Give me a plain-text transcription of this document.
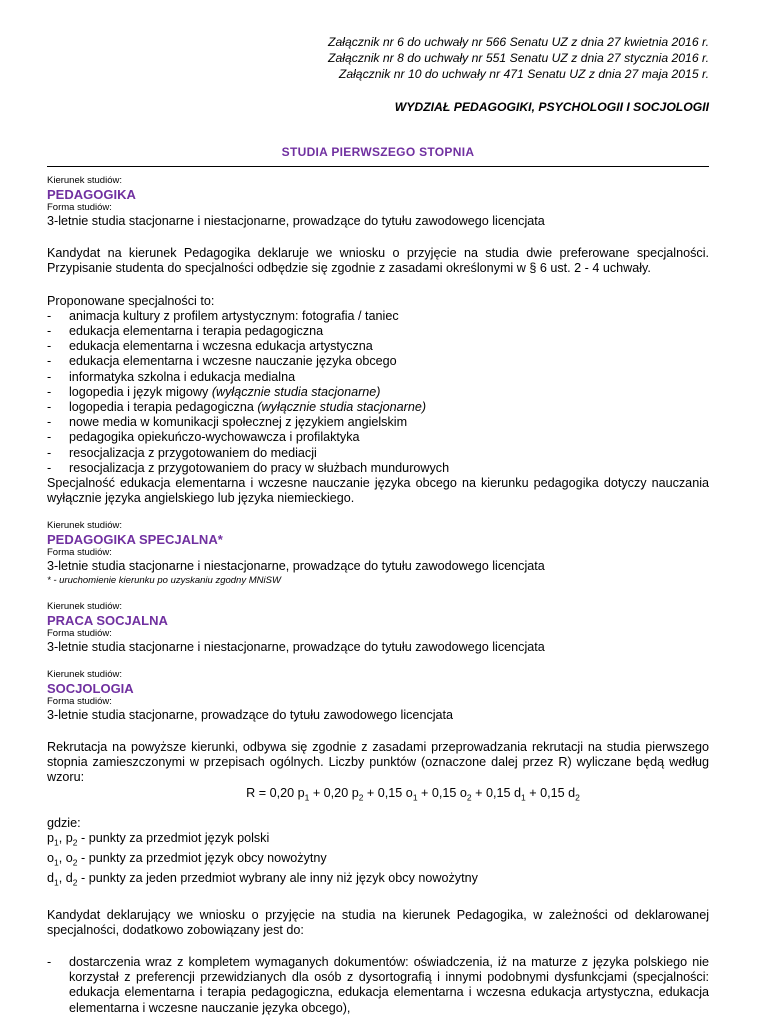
Załącznik nr 6 do uchwały nr 566 Senatu UZ z dnia 27 kwietnia 2016 r.
Załącznik nr 8 do uchwały nr 551 Senatu UZ z dnia 27 stycznia 2016 r.
Załącznik nr 10 do uchwały nr 471 Senatu UZ z dnia 27 maja 2015 r.
WYDZIAŁ PEDAGOGIKI, PSYCHOLOGII I SOCJOLOGII
STUDIA PIERWSZEGO STOPNIA
Kierunek studiów:
PEDAGOGIKA
Forma studiów:
3-letnie studia stacjonarne i niestacjonarne, prowadzące do tytułu zawodowego licencjata
Kandydat na kierunek Pedagogika deklaruje we wniosku o przyjęcie na studia dwie preferowane specjalności. Przypisanie studenta do specjalności odbędzie się zgodnie z zasadami określonymi w § 6 ust. 2 - 4 uchwały.
Proponowane specjalności to:
- animacja kultury z profilem artystycznym: fotografia / taniec
- edukacja elementarna i terapia pedagogiczna
- edukacja elementarna i wczesna edukacja artystyczna
- edukacja elementarna i wczesne nauczanie języka obcego
- informatyka szkolna i edukacja medialna
- logopedia i język migowy (wyłącznie studia stacjonarne)
- logopedia i terapia pedagogiczna (wyłącznie studia stacjonarne)
- nowe media w komunikacji społecznej z językiem angielskim
- pedagogika opiekuńczo-wychowawcza i profilaktyka
- resocjalizacja z przygotowaniem do mediacji
- resocjalizacja z przygotowaniem do pracy w służbach mundurowych
Specjalność edukacja elementarna i wczesne nauczanie języka obcego na kierunku pedagogika dotyczy nauczania wyłącznie języka angielskiego lub języka niemieckiego.
Kierunek studiów:
PEDAGOGIKA SPECJALNA*
Forma studiów:
3-letnie studia stacjonarne i niestacjonarne, prowadzące do tytułu zawodowego licencjata
* - uruchomienie kierunku po uzyskaniu zgodny MNiSW
Kierunek studiów:
PRACA SOCJALNA
Forma studiów:
3-letnie studia stacjonarne i niestacjonarne, prowadzące do tytułu zawodowego licencjata
Kierunek studiów:
SOCJOLOGIA
Forma studiów:
3-letnie studia stacjonarne, prowadzące do tytułu zawodowego licencjata
Rekrutacja na powyższe kierunki, odbywa się zgodnie z zasadami przeprowadzania rekrutacji na studia pierwszego stopnia zamieszczonymi w przepisach ogólnych. Liczby punktów (oznaczone dalej przez R) wyliczane będą według wzoru:
R = 0,20 $p_1 + 0,20$ $p_2 + 0,15$ $o_1 + 0,15$ $o_2 + 0,15$ $d_1 + 0,15$ $d_2$
gdzie:
$p_1$, $p_2$ - punkty za przedmiot język polski
$o_1$, $o_2$ - punkty za przedmiot język obcy nowożytny
$d_1$, $d_2$ - punkty za jeden przedmiot wybrany ale inny niż język obcy nowożytny
Kandydat deklarujący we wniosku o przyjęcie na studia na kierunek Pedagogika, w zależności od deklarowanej specjalności, dodatkowo zobowiązany jest do:
- dostarczenia wraz z kompletem wymaganych dokumentów: oświadczenia, iż na maturze z języka polskiego nie korzystał z preferencji przewidzianych dla osób z dysortografią i innymi podobnymi dysfunkcjami (specjalności: edukacja elementarna i terapia pedagogiczna, edukacja elementarna i wczesna edukacja artystyczna, edukacja elementarna i wczesne nauczanie języka obcego),
